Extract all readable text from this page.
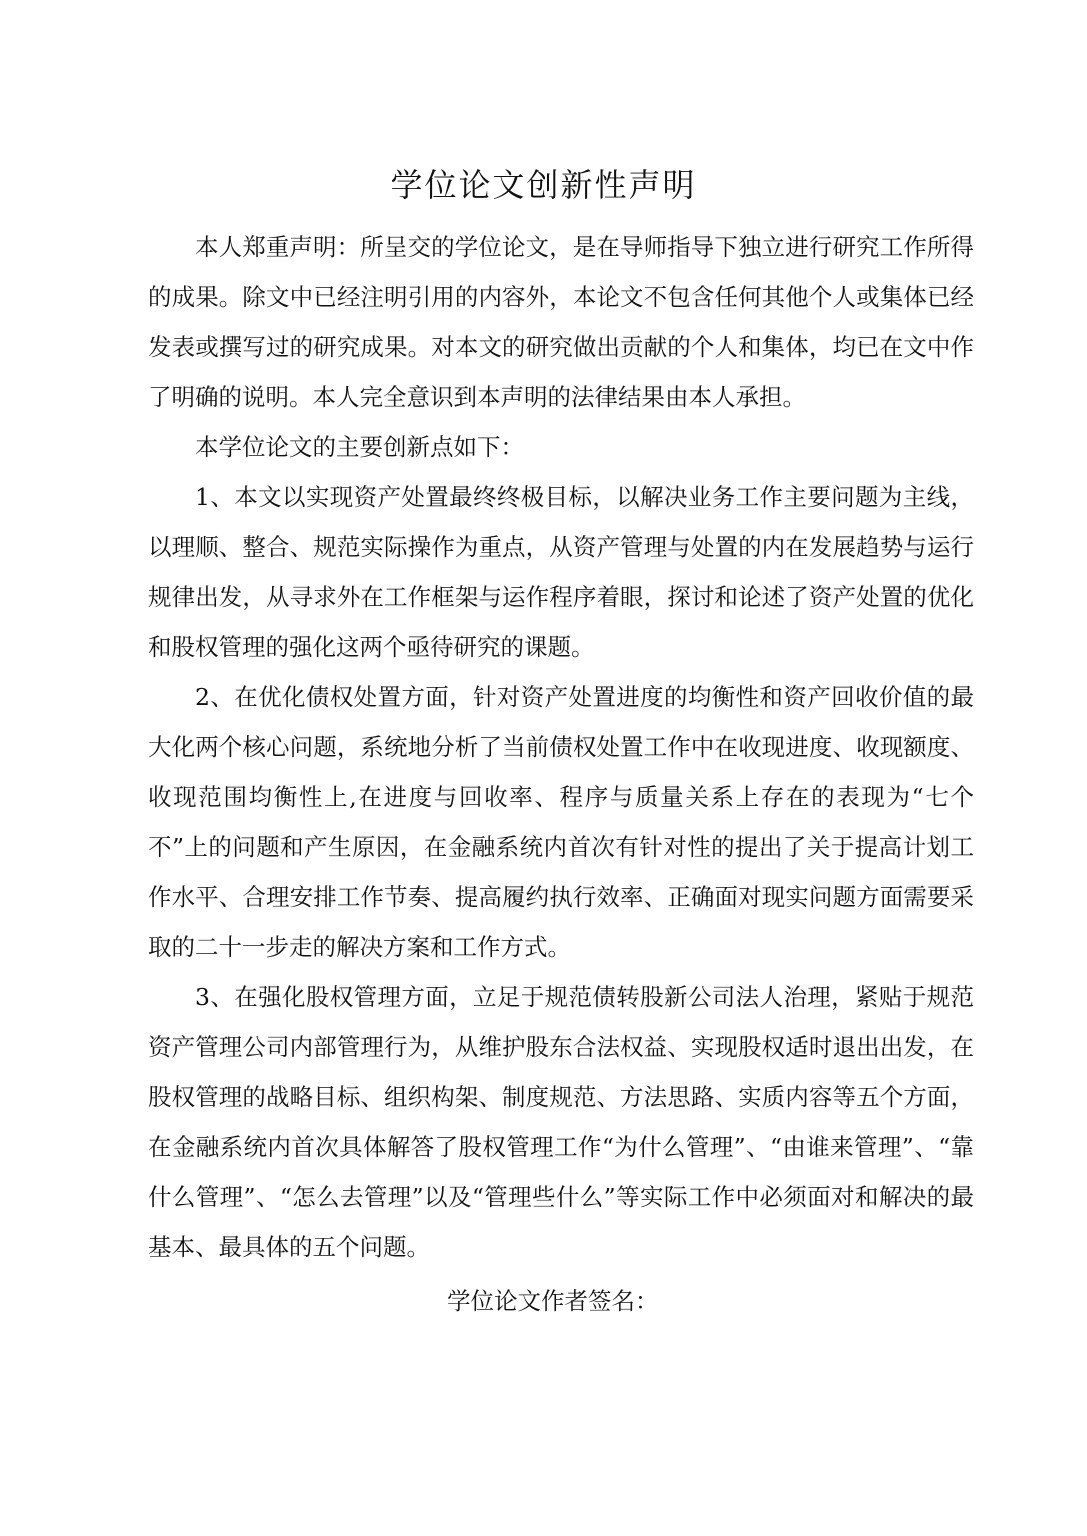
学位论文创新性声明

本人郑重声明：所呈交的学位论文，是在导师指导下独立进行研究工作所得的成果。除文中已经注明引用的内容外，本论文不包含任何其他个人或集体已经发表或撰写过的研究成果。对本文的研究做出贡献的个人和集体，均已在文中作了明确的说明。本人完全意识到本声明的法律结果由本人承担。

本学位论文的主要创新点如下：

1、本文以实现资产处置最终终极目标，以解决业务工作主要问题为主线，以理顺、整合、规范实际操作为重点，从资产管理与处置的内在发展趋势与运行规律出发，从寻求外在工作框架与运作程序着眼，探讨和论述了资产处置的优化和股权管理的强化这两个亟待研究的课题。

2、在优化债权处置方面，针对资产处置进度的均衡性和资产回收价值的最大化两个核心问题，系统地分析了当前债权处置工作中在收现进度、收现额度、收现范围均衡性上,在进度与回收率、程序与质量关系上存在的表现为“七个不”上的问题和产生原因，在金融系统内首次有针对性的提出了关于提高计划工作水平、合理安排工作节奏、提高履约执行效率、正确面对现实问题方面需要采取的二十一步走的解决方案和工作方式。

3、在强化股权管理方面，立足于规范债转股新公司法人治理，紧贴于规范资产管理公司内部管理行为，从维护股东合法权益、实现股权适时退出出发，在股权管理的战略目标、组织构架、制度规范、方法思路、实质内容等五个方面，在金融系统内首次具体解答了股权管理工作“为什么管理”、“由谁来管理”、“靠什么管理”、“怎么去管理”以及“管理些什么”等实际工作中必须面对和解决的最基本、最具体的五个问题。

学位论文作者签名：
